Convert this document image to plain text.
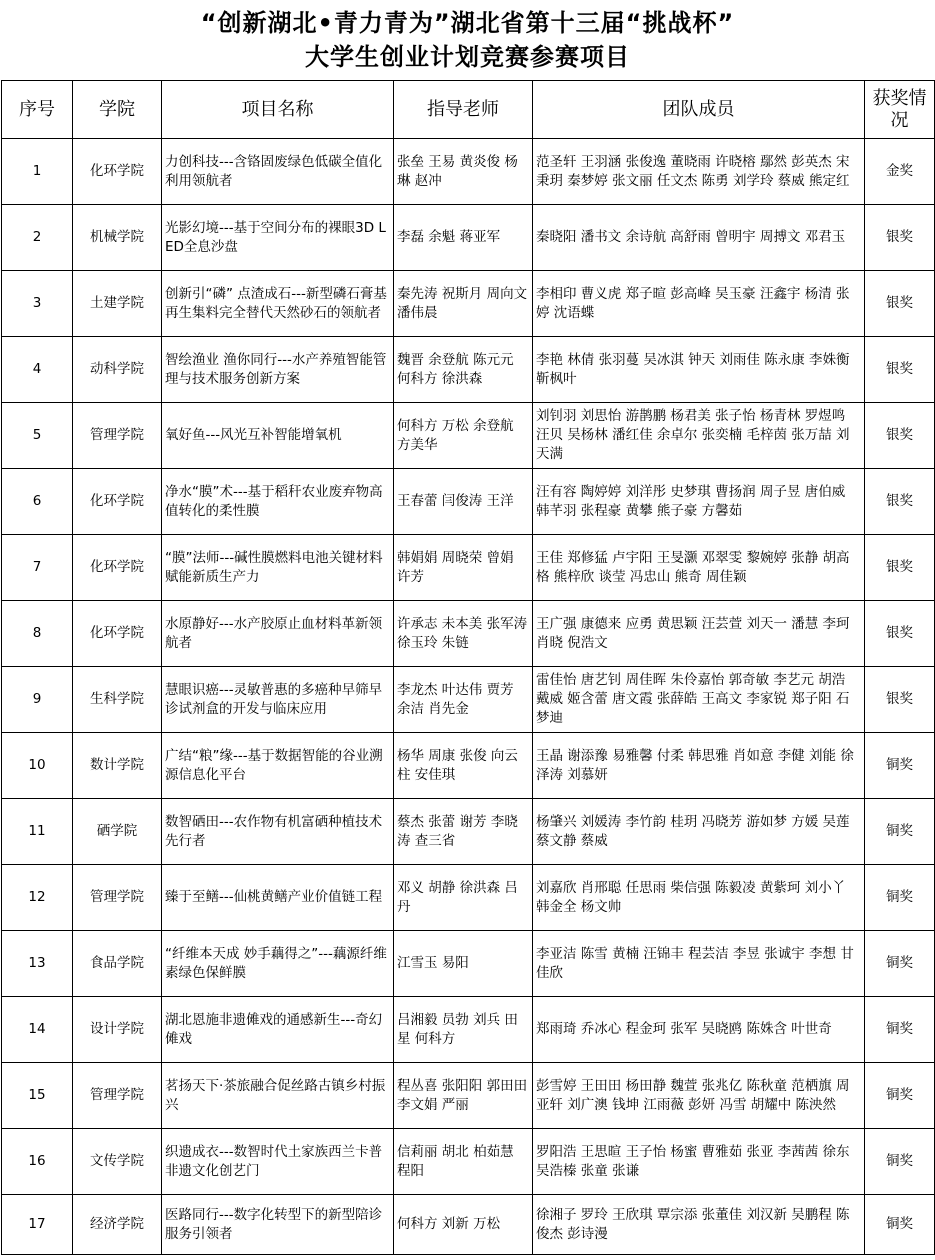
“创新湖北•青力青为”湖北省第十三届“挑战杯”
大学生创业计划竞赛参赛项目
序号	学院	项目名称	指导老师	团队成员	获奖情况
1	化环学院	力创科技---含铬固废绿色低碳全值化利用领航者	张垒 王易 黄炎俊 杨琳 赵冲	范圣轩 王羽涵 张俊逸 董晓雨 许晓榕 鄢然 彭英杰 宋秉玥 秦梦婷 张文丽 任文杰 陈勇 刘学玲 蔡威 熊定红	金奖
2	机械学院	光影幻境---基于空间分布的裸眼3D LED全息沙盘	李磊 余魁 蒋亚军	秦晓阳 潘书文 余诗航 高舒雨 曾明宇 周搏文 邓君玉	银奖
3	土建学院	创新引“磷” 点渣成石---新型磷石膏基再生集料完全替代天然砂石的领航者	秦先涛 祝斯月 周向文 潘伟晨	李相印 曹义虎 郑子暄 彭高峰 吴玉豪 汪鑫宇 杨清 张婷 沈语蝶	银奖
4	动科学院	智绘渔业 渔你同行---水产养殖智能管理与技术服务创新方案	魏晋 余登航 陈元元 何科方 徐洪森	李艳 林倩 张羽蔓 吴冰淇 钟天 刘雨佳 陈永康 李姝衡 靳枫叶	银奖
5	管理学院	氧好鱼---风光互补智能增氧机	何科方 万松 余登航 方美华	刘钊羽 刘思怡 游鹊鹏 杨君美 张子怡 杨青林 罗煜鸣 汪贝 吴杨林 潘红佳 余卓尔 张奕楠 毛梓茵 张万喆 刘天满	银奖
6	化环学院	净水“膜”术---基于稻秆农业废弃物高值转化的柔性膜	王春蕾 闫俊涛 王洋	汪有容 陶婷婷 刘洋彤 史梦琪 曹扬润 周子昱 唐伯威 韩芊羽 张程豪 黄攀 熊子豪 方馨茹	银奖
7	化环学院	“膜”法师---碱性膜燃料电池关键材料赋能新质生产力	韩娟娟 周晓荣 曾娟 许芳	王佳 郑修猛 卢宇阳 王旻灏 邓翠雯 黎婉婷 张静 胡高格 熊梓欣 谈莹 冯忠山 熊奇 周佳颖	银奖
8	化环学院	水原静好---水产胶原止血材料革新领航者	许承志 未本美 张军涛 徐玉玲 朱链	王广强 康德来 应勇 黄思颖 汪芸萱 刘天一 潘慧 李珂 肖晓 倪浩文	银奖
9	生科学院	慧眼识癌---灵敏普惠的多癌种早筛早诊试剂盒的开发与临床应用	李龙杰 叶达伟 贾芳 余洁 肖先金	雷佳怡 唐艺钊 周佳晖 朱伶嘉怡 郭奇敏 李艺元 胡浩 戴威 姬含蕾 唐文霞 张薛皓 王高文 李家锐 郑子阳 石梦迪	银奖
10	数计学院	广结“粮”缘---基于数据智能的谷业溯源信息化平台	杨华 周康 张俊 向云柱 安佳琪	王晶 谢添豫 易雅馨 付柔 韩思雅 肖如意 李健 刘能 徐泽涛 刘慕妍	铜奖
11	硒学院	数智硒田---农作物有机富硒种植技术先行者	蔡杰 张蕾 谢芳 李晓涛 查三省	杨肇兴 刘媛涛 李竹韵 桂玥 冯晓芳 游如梦 方媛 吴莲 蔡文静 蔡威	铜奖
12	管理学院	臻于至鳝---仙桃黄鳝产业价值链工程	邓义 胡静 徐洪森 吕丹	刘嘉欣 肖邢聪 任思雨 柴信强 陈毅凌 黄紫珂 刘小丫 韩金全 杨文帅	铜奖
13	食品学院	“纤维本天成 妙手藕得之”---藕源纤维素绿色保鲜膜	江雪玉 易阳	李亚洁 陈雪 黄楠 汪锦丰 程芸洁 李昱 张诚宇 李想 甘佳欣	铜奖
14	设计学院	湖北恩施非遗傩戏的通感新生---奇幻傩戏	吕湘毅 员勃 刘兵 田星 何科方	郑雨琦 乔冰心 程金珂 张军 吴晓鸥 陈姝含 叶世奇	铜奖
15	管理学院	茗扬天下·茶旅融合促丝路古镇乡村振兴	程丛喜 张阳阳 郭田田 李文娟 严丽	彭雪婷 王田田 杨田静 魏萱 张兆亿 陈秋童 范栖旗 周亚轩 刘广澳 钱坤 江雨薇 彭妍 冯雪 胡耀中 陈泱然	铜奖
16	文传学院	织遗成衣---数智时代土家族西兰卡普非遗文化创艺门	信莉丽 胡北 柏茹慧 程阳	罗阳浩 王思暄 王子怡 杨蜜 曹雅茹 张亚 李茜茜 徐东 吴浩榛 张童 张谦	铜奖
17	经济学院	医路同行---数字化转型下的新型陪诊服务引领者	何科方 刘新 万松	徐湘子 罗玲 王欣琪 覃宗添 张董佳 刘汉新 吴鹏程 陈俊杰 彭诗漫	铜奖
